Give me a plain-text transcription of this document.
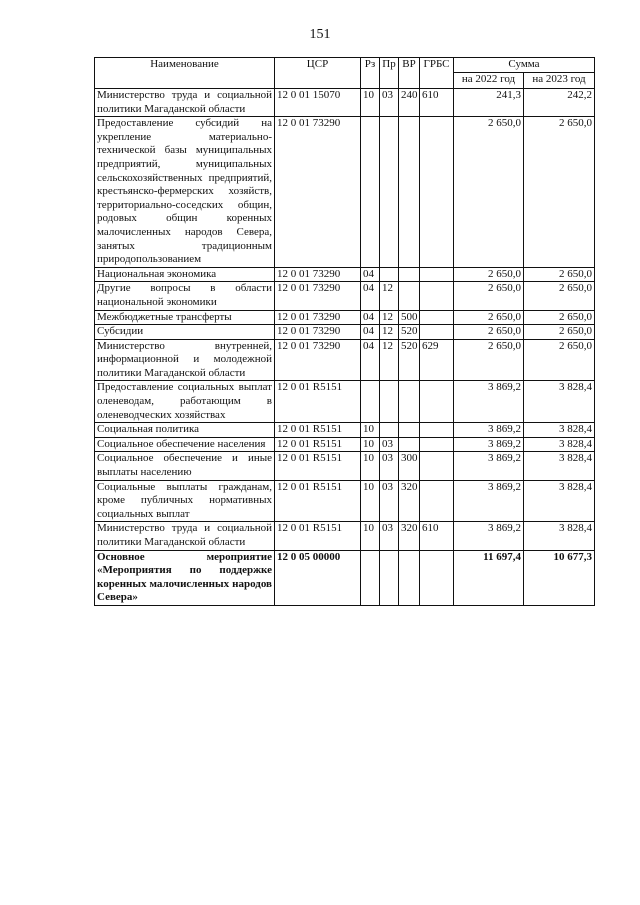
151
Наименование	ЦСР	Рз	Пр	ВР	ГРБС	Сумма	
						на 2022 год	на 2023 год
Министерство труда и социальной политики Магаданской области	12 0 01 15070	10	03	240	610	241,3	242,2
Предоставление субсидий на укрепление материально-технической базы муниципальных предприятий, муниципальных сельскохозяйственных предприятий, крестьянско-фермерских хозяйств, территориально-соседских общин, родовых общин коренных малочисленных народов Севера, занятых традиционным природопользованием	12 0 01 73290					2 650,0	2 650,0
Национальная экономика	12 0 01 73290	04				2 650,0	2 650,0
Другие вопросы в области национальной экономики	12 0 01 73290	04	12			2 650,0	2 650,0
Межбюджетные трансферты	12 0 01 73290	04	12	500		2 650,0	2 650,0
Субсидии	12 0 01 73290	04	12	520		2 650,0	2 650,0
Министерство внутренней, информационной и молодежной политики Магаданской области	12 0 01 73290	04	12	520	629	2 650,0	2 650,0
Предоставление социальных выплат оленеводам, работающим в оленеводческих хозяйствах	12 0 01 R5151					3 869,2	3 828,4
Социальная политика	12 0 01 R5151	10				3 869,2	3 828,4
Социальное обеспечение населения	12 0 01 R5151	10	03			3 869,2	3 828,4
Социальное обеспечение и иные выплаты населению	12 0 01 R5151	10	03	300		3 869,2	3 828,4
Социальные выплаты гражданам, кроме публичных нормативных социальных выплат	12 0 01 R5151	10	03	320		3 869,2	3 828,4
Министерство труда и социальной политики Магаданской области	12 0 01 R5151	10	03	320	610	3 869,2	3 828,4
Основное мероприятие «Мероприятия по поддержке коренных малочисленных народов Севера»	12 0 05 00000					11 697,4	10 677,3
